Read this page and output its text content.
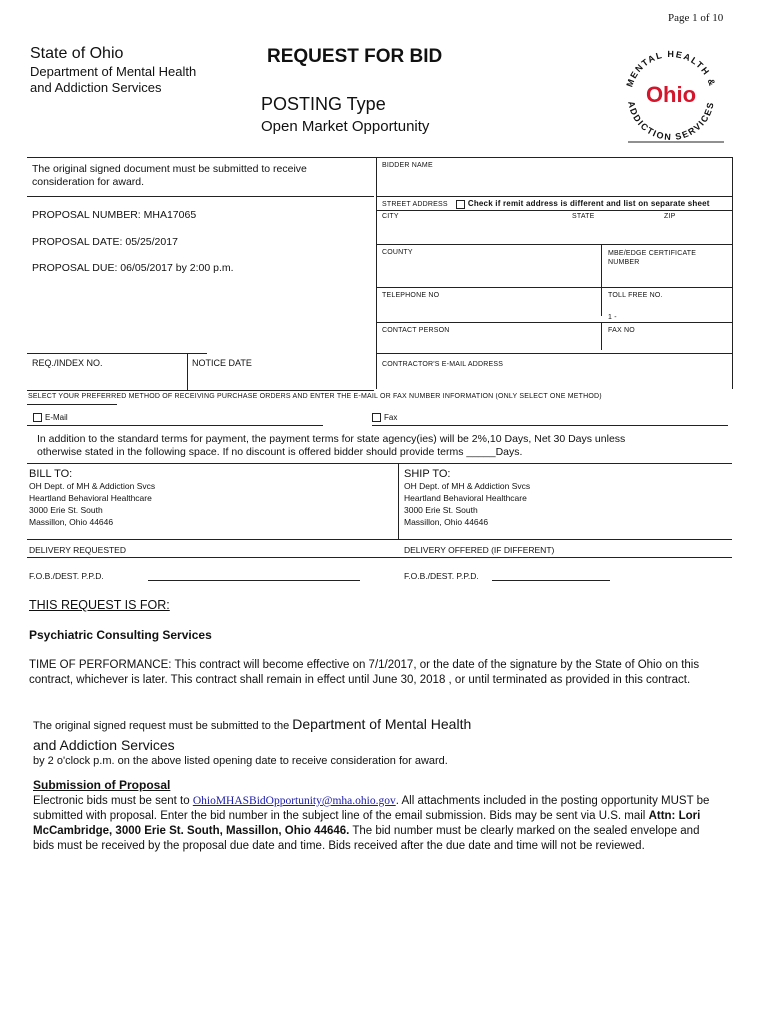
Page 1 of 10
State of Ohio
Department of Mental Health
and Addiction Services
REQUEST FOR BID
POSTING Type
Open Market Opportunity
MENTAL HEALTH &
ADDICTION SERVICES
Ohio
The original signed document must be submitted to receive consideration for award.
PROPOSAL NUMBER: MHA17065
PROPOSAL DATE: 05/25/2017
PROPOSAL DUE: 06/05/2017 by 2:00 p.m.
REQ./INDEX NO.	NOTICE DATE
BIDDER NAME
STREET ADDRESS	Check if remit address is different and list on separate sheet
CITY	STATE	ZIP
COUNTY	MBE/EDGE CERTIFICATE NUMBER
TELEPHONE NO	TOLL FREE NO.
1 -
CONTACT PERSON	FAX NO
CONTRACTOR'S E-MAIL ADDRESS
SELECT YOUR PREFERRED METHOD OF RECEIVING PURCHASE ORDERS AND ENTER THE E-MAIL OR FAX NUMBER INFORMATION (ONLY SELECT ONE METHOD)
E-Mail	Fax
In addition to the standard terms for payment, the payment terms for state agency(ies) will be 2%,10 Days, Net 30 Days unless
otherwise stated in the following space. If no discount is offered bidder should provide terms _____Days.
BILL TO:
OH Dept. of MH & Addiction Svcs
Heartland Behavioral Healthcare
3000 Erie St. South
Massillon, Ohio 44646
SHIP TO:
OH Dept. of MH & Addiction Svcs
Heartland Behavioral Healthcare
3000 Erie St. South
Massillon, Ohio 44646
DELIVERY REQUESTED	DELIVERY OFFERED (IF DIFFERENT)
F.O.B./DEST. P.P.D.	F.O.B./DEST. P.P.D.
THIS REQUEST IS FOR:
Psychiatric Consulting Services
TIME OF PERFORMANCE: This contract will become effective on 7/1/2017, or the date of the signature by the State of Ohio on this contract, whichever is later. This contract shall remain in effect until June 30, 2018 , or until terminated as provided in this contract.
The original signed request must be submitted to the Department of Mental Health
and Addiction Services
by 2 o'clock p.m. on the above listed opening date to receive consideration for award.
Submission of Proposal
Electronic bids must be sent to OhioMHASBidOpportunity@mha.ohio.gov. All attachments included in the posting opportunity MUST be submitted with proposal. Enter the bid number in the subject line of the email submission. Bids may be sent via U.S. mail Attn: Lori McCambridge, 3000 Erie St. South, Massillon, Ohio 44646. The bid number must be clearly marked on the sealed envelope and bids must be received by the proposal due date and time. Bids received after the due date and time will not be reviewed.
